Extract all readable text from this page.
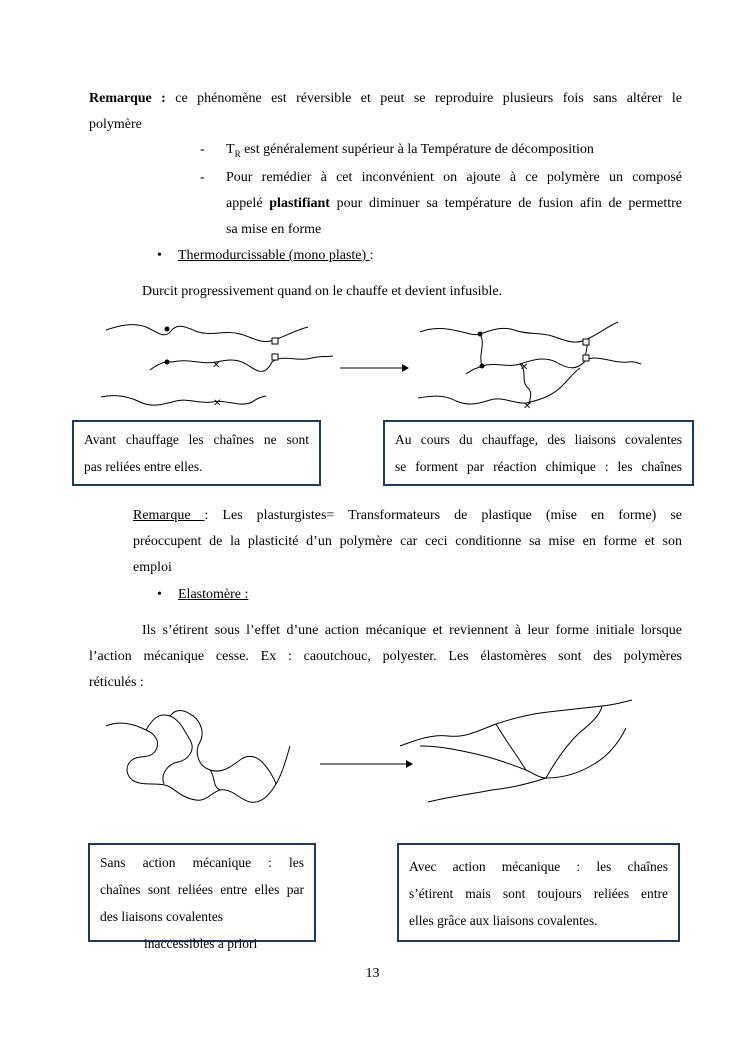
Remarque : ce phénomène est réversible et peut se reproduire plusieurs fois sans altérer le
polymère
- $T_R$ est généralement supérieur à la Température de décomposition
- Pour remédier à cet inconvénient on ajoute à ce polymère un composé
appelé plastifiant pour diminuer sa température de fusion afin de permettre
sa mise en forme
• Thermodurcissable (mono plaste) :
Durcit progressivement quand on le chauffe et devient infusible.
✕
✕
✕
✕
Avant chauffage les chaînes ne sont
pas reliées entre elles.
Au cours du chauffage, des liaisons covalentes
se forment par réaction chimique : les chaînes
Remarque : Les plasturgistes= Transformateurs de plastique (mise en forme) se
préoccupent de la plasticité d’un polymère car ceci conditionne sa mise en forme et son
emploi
• Elastomère :
Ils s’étirent sous l’effet d’une action mécanique et reviennent à leur forme initiale lorsque
l’action mécanique cesse. Ex : caoutchouc, polyester. Les élastomères sont des polymères
réticulés :
Sans action mécanique : les
chaînes sont reliées entre elles par
des liaisons covalentes
inaccessibles a priori
Avec action mécanique : les chaînes
s’étirent mais sont toujours reliées entre
elles grâce aux liaisons covalentes.
13
